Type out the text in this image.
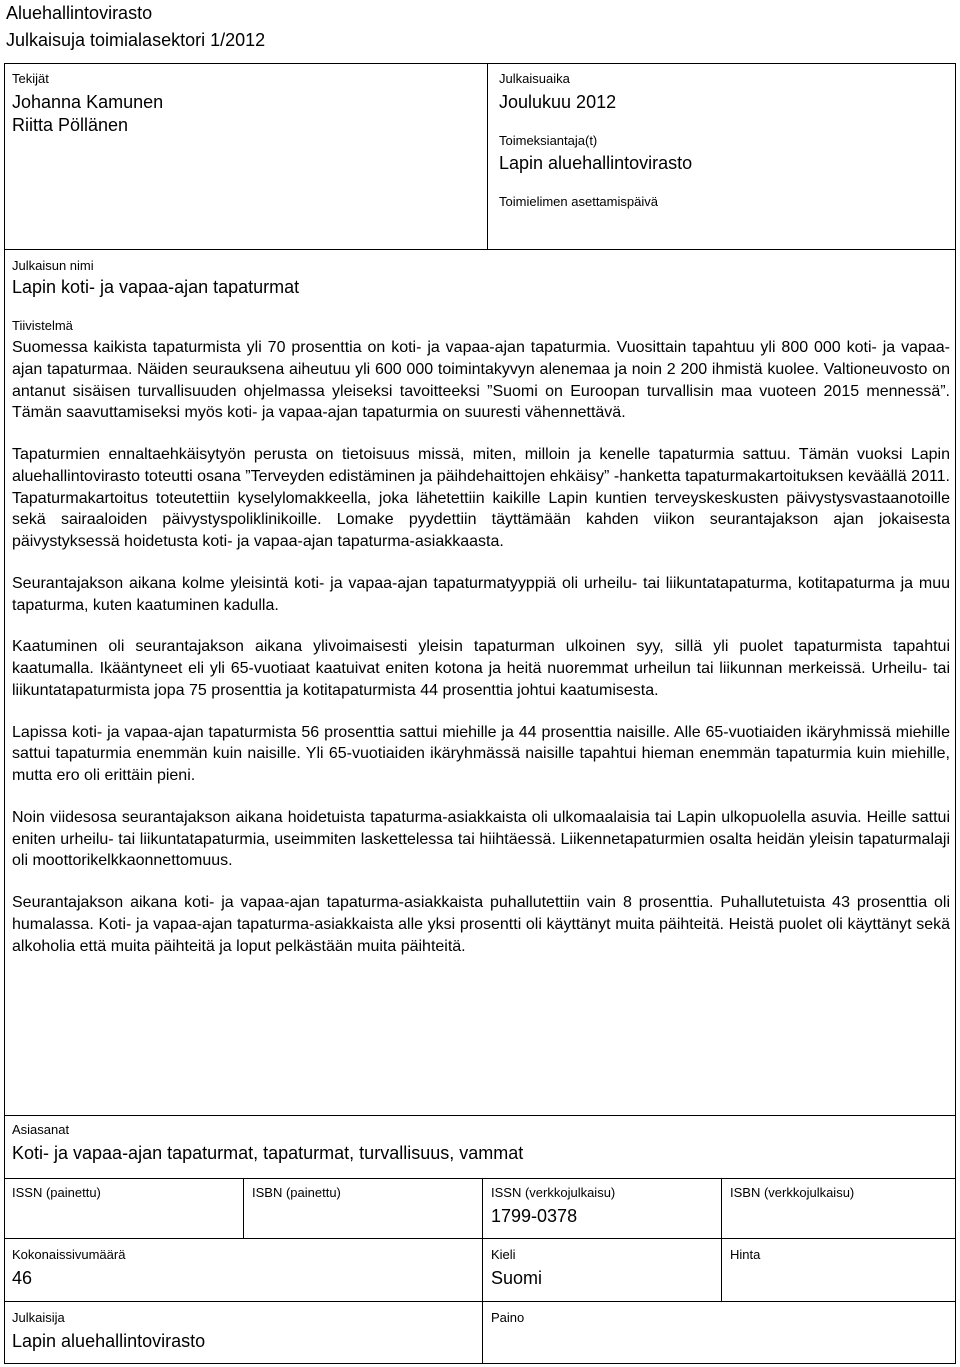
Aluehallintovirasto
Julkaisuja toimialasektori 1/2012
Tekijät
Johanna Kamunen
Riitta Pöllänen
Julkaisuaika
Joulukuu 2012
Toimeksiantaja(t)
Lapin aluehallintovirasto
Toimielimen asettamispäivä
Julkaisun nimi
Lapin koti- ja vapaa-ajan tapaturmat
Tiivistelmä

Suomessa kaikista tapaturmista yli 70 prosenttia on koti- ja vapaa-ajan tapaturmia. Vuosittain tapahtuu yli 800 000 koti- ja vapaa-ajan tapaturmaa. Näiden seurauksena aiheutuu yli 600 000 toimintakyvyn alenemaa ja noin 2 200 ihmistä kuolee. Valtioneuvosto on antanut sisäisen turvallisuuden ohjelmassa yleiseksi tavoitteeksi ”Suomi on Euroopan turvallisin maa vuoteen 2015 mennessä”. Tämän saavuttamiseksi myös koti- ja vapaa-ajan tapaturmia on suuresti vähennettävä.

Tapaturmien ennaltaehkäisytyön perusta on tietoisuus missä, miten, milloin ja kenelle tapaturmia sattuu. Tämän vuoksi Lapin aluehallintovirasto toteutti osana ”Terveyden edistäminen ja päihdehaittojen ehkäisy” -hanketta tapaturmakartoituksen keväällä 2011. Tapaturmakartoitus toteutettiin kyselylomakkeella, joka lähetettiin kaikille Lapin kuntien terveyskeskusten päivystysvastaanotoille sekä sairaaloiden päivystyspoliklinikoille. Lomake pyydettiin täyttämään kahden viikon seurantajakson ajan jokaisesta päivystyksessä hoidetusta koti- ja vapaa-ajan tapaturma-asiakkaasta.

Seurantajakson aikana kolme yleisintä koti- ja vapaa-ajan tapaturmatyyppiä oli urheilu- tai liikuntatapaturma, kotitapaturma ja muu tapaturma, kuten kaatuminen kadulla.

Kaatuminen oli seurantajakson aikana ylivoimaisesti yleisin tapaturman ulkoinen syy, sillä yli puolet tapaturmista tapahtui kaatumalla. Ikääntyneet eli yli 65-vuotiaat kaatuivat eniten kotona ja heitä nuoremmat urheilun tai liikunnan merkeissä. Urheilu- tai liikuntatapaturmista jopa 75 prosenttia ja kotitapaturmista 44 prosenttia johtui kaatumisesta.

Lapissa koti- ja vapaa-ajan tapaturmista 56 prosenttia sattui miehille ja 44 prosenttia naisille. Alle 65-vuotiaiden ikäryhmissä miehille sattui tapaturmia enemmän kuin naisille. Yli 65-vuotiaiden ikäryhmässä naisille tapahtui hieman enemmän tapaturmia kuin miehille, mutta ero oli erittäin pieni.

Noin viidesosa seurantajakson aikana hoidetuista tapaturma-asiakkaista oli ulkomaalaisia tai Lapin ulkopuolella asuvia. Heille sattui eniten urheilu- tai liikuntatapaturmia, useimmiten laskettelessa tai hiihtäessä. Liikennetapaturmien osalta heidän yleisin tapaturmalaji oli moottorikelkkaonnettomuus.

Seurantajakson aikana koti- ja vapaa-ajan tapaturma-asiakkaista puhallutettiin vain 8 prosenttia. Puhallutetuista 43 prosenttia oli humalassa. Koti- ja vapaa-ajan tapaturma-asiakkaista alle yksi prosentti oli käyttänyt muita päihteitä. Heistä puolet oli käyttänyt sekä alkoholia että muita päihteitä ja loput pelkästään muita päihteitä.

Asiasanat
Koti- ja vapaa-ajan tapaturmat, tapaturmat, turvallisuus, vammat
ISSN (painettu)	ISBN (painettu)	ISSN (verkkojulkaisu)
1799-0378
ISBN (verkkojulkaisu)
Kokonaissivumäärä
46
Kieli
Suomi
Hinta
Julkaisija
Lapin aluehallintovirasto
Paino
